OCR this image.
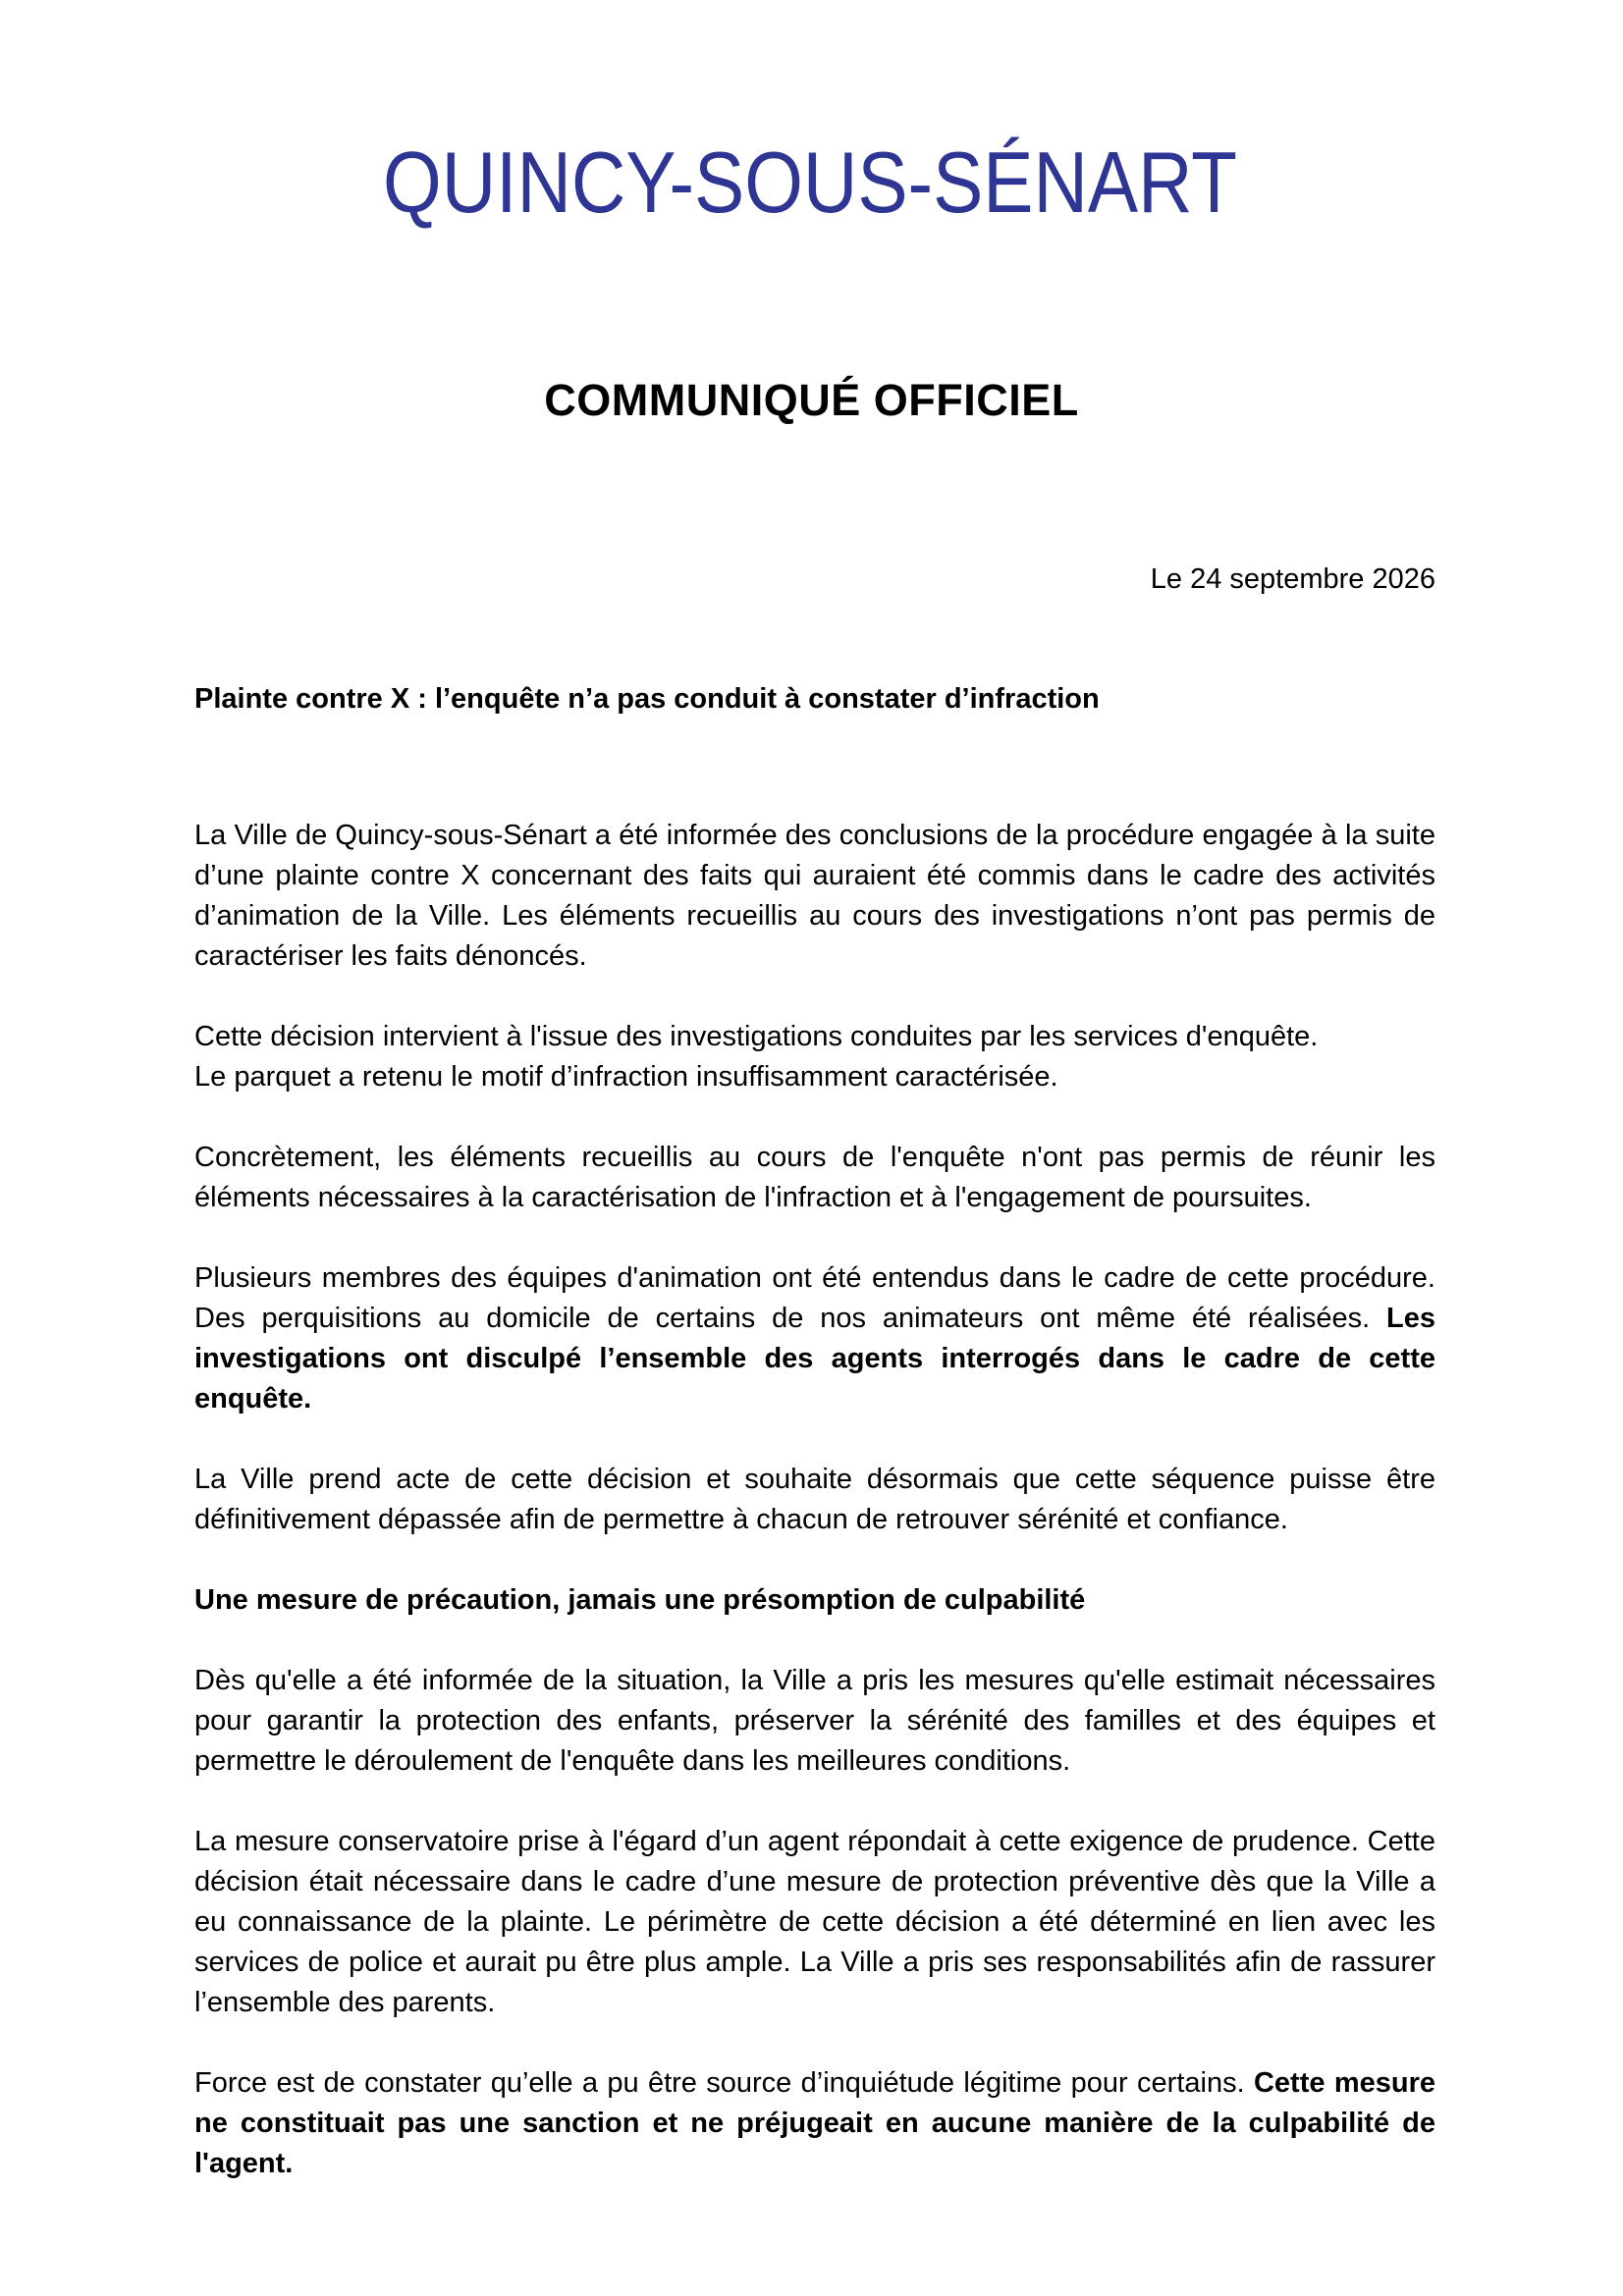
QUINCY-SOUS-SÉNART
COMMUNIQUÉ OFFICIEL
Le 24 septembre 2026

Plainte contre X : l’enquête n’a pas conduit à constater d’infraction

La Ville de Quincy-sous-Sénart a été informée des conclusions de la procédure engagée à la suite d’une plainte contre X concernant des faits qui auraient été commis dans le cadre des activités d’animation de la Ville. Les éléments recueillis au cours des investigations n’ont pas permis de caractériser les faits dénoncés.

Cette décision intervient à l'issue des investigations conduites par les services d'enquête.

Le parquet a retenu le motif d’infraction insuffisamment caractérisée.

Concrètement, les éléments recueillis au cours de l'enquête n'ont pas permis de réunir les éléments nécessaires à la caractérisation de l'infraction et à l'engagement de poursuites.

Plusieurs membres des équipes d'animation ont été entendus dans le cadre de cette procédure. Des perquisitions au domicile de certains de nos animateurs ont même été réalisées. Les investigations ont disculpé l’ensemble des agents interrogés dans le cadre de cette enquête.

La Ville prend acte de cette décision et souhaite désormais que cette séquence puisse être définitivement dépassée afin de permettre à chacun de retrouver sérénité et confiance.

Une mesure de précaution, jamais une présomption de culpabilité

Dès qu'elle a été informée de la situation, la Ville a pris les mesures qu'elle estimait nécessaires pour garantir la protection des enfants, préserver la sérénité des familles et des équipes et permettre le déroulement de l'enquête dans les meilleures conditions.

La mesure conservatoire prise à l'égard d’un agent répondait à cette exigence de prudence. Cette décision était nécessaire dans le cadre d’une mesure de protection préventive dès que la Ville a eu connaissance de la plainte. Le périmètre de cette décision a été déterminé en lien avec les services de police et aurait pu être plus ample. La Ville a pris ses responsabilités afin de rassurer l’ensemble des parents.

Force est de constater qu’elle a pu être source d’inquiétude légitime pour certains. Cette mesure ne constituait pas une sanction et ne préjugeait en aucune manière de la culpabilité de l'agent.
